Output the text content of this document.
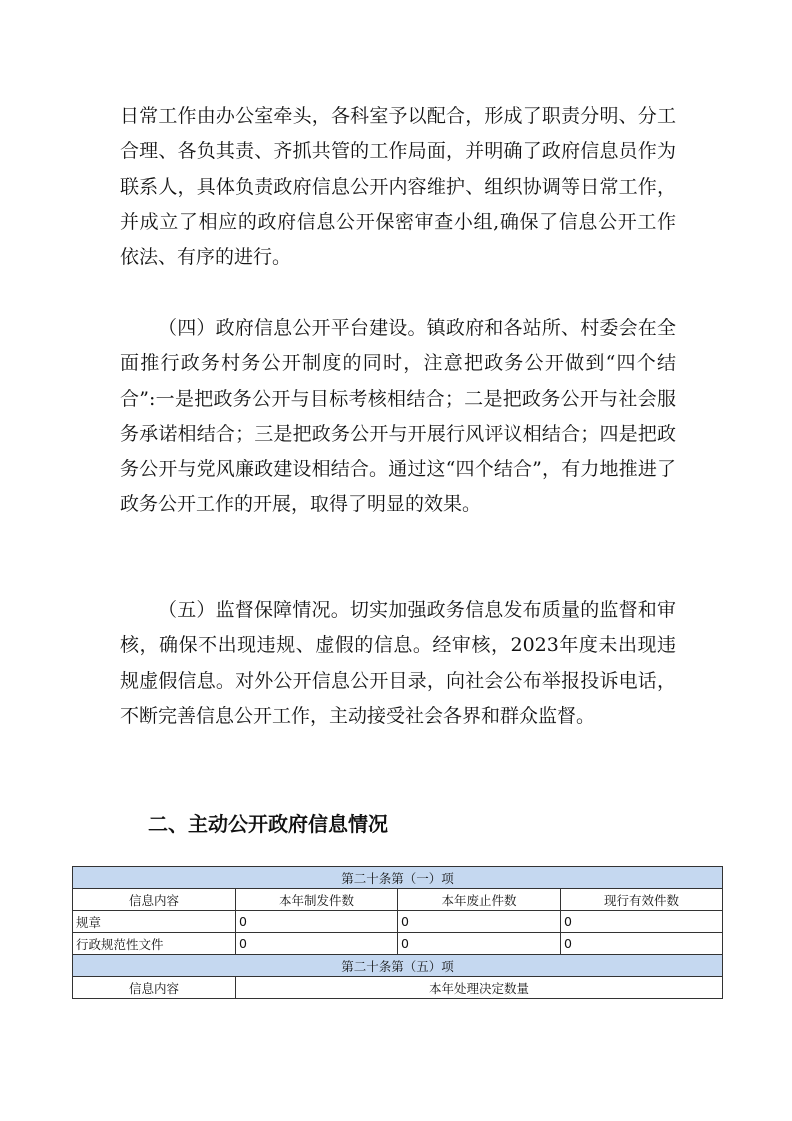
日常工作由办公室牵头，各科室予以配合，形成了职责分明、分工合理、各负其责、齐抓共管的工作局面，并明确了政府信息员作为联系人，具体负责政府信息公开内容维护、组织协调等日常工作，并成立了相应的政府信息公开保密审查小组,确保了信息公开工作依法、有序的进行。

（四）政府信息公开平台建设。镇政府和各站所、村委会在全面推行政务村务公开制度的同时，注意把政务公开做到“四个结合”:一是把政务公开与目标考核相结合；二是把政务公开与社会服务承诺相结合；三是把政务公开与开展行风评议相结合；四是把政务公开与党风廉政建设相结合。通过这“四个结合”，有力地推进了政务公开工作的开展，取得了明显的效果。

（五）监督保障情况。切实加强政务信息发布质量的监督和审核，确保不出现违规、虚假的信息。经审核，2023年度未出现违规虚假信息。对外公开信息公开目录，向社会公布举报投诉电话，不断完善信息公开工作，主动接受社会各界和群众监督。

二、主动公开政府信息情况
第二十条第（一）项			
信息内容	本年制发件数	本年废止件数	现行有效件数
规章	0	0	0
行政规范性文件	0	0	0
第二十条第（五）项			
信息内容	本年处理决定数量		
